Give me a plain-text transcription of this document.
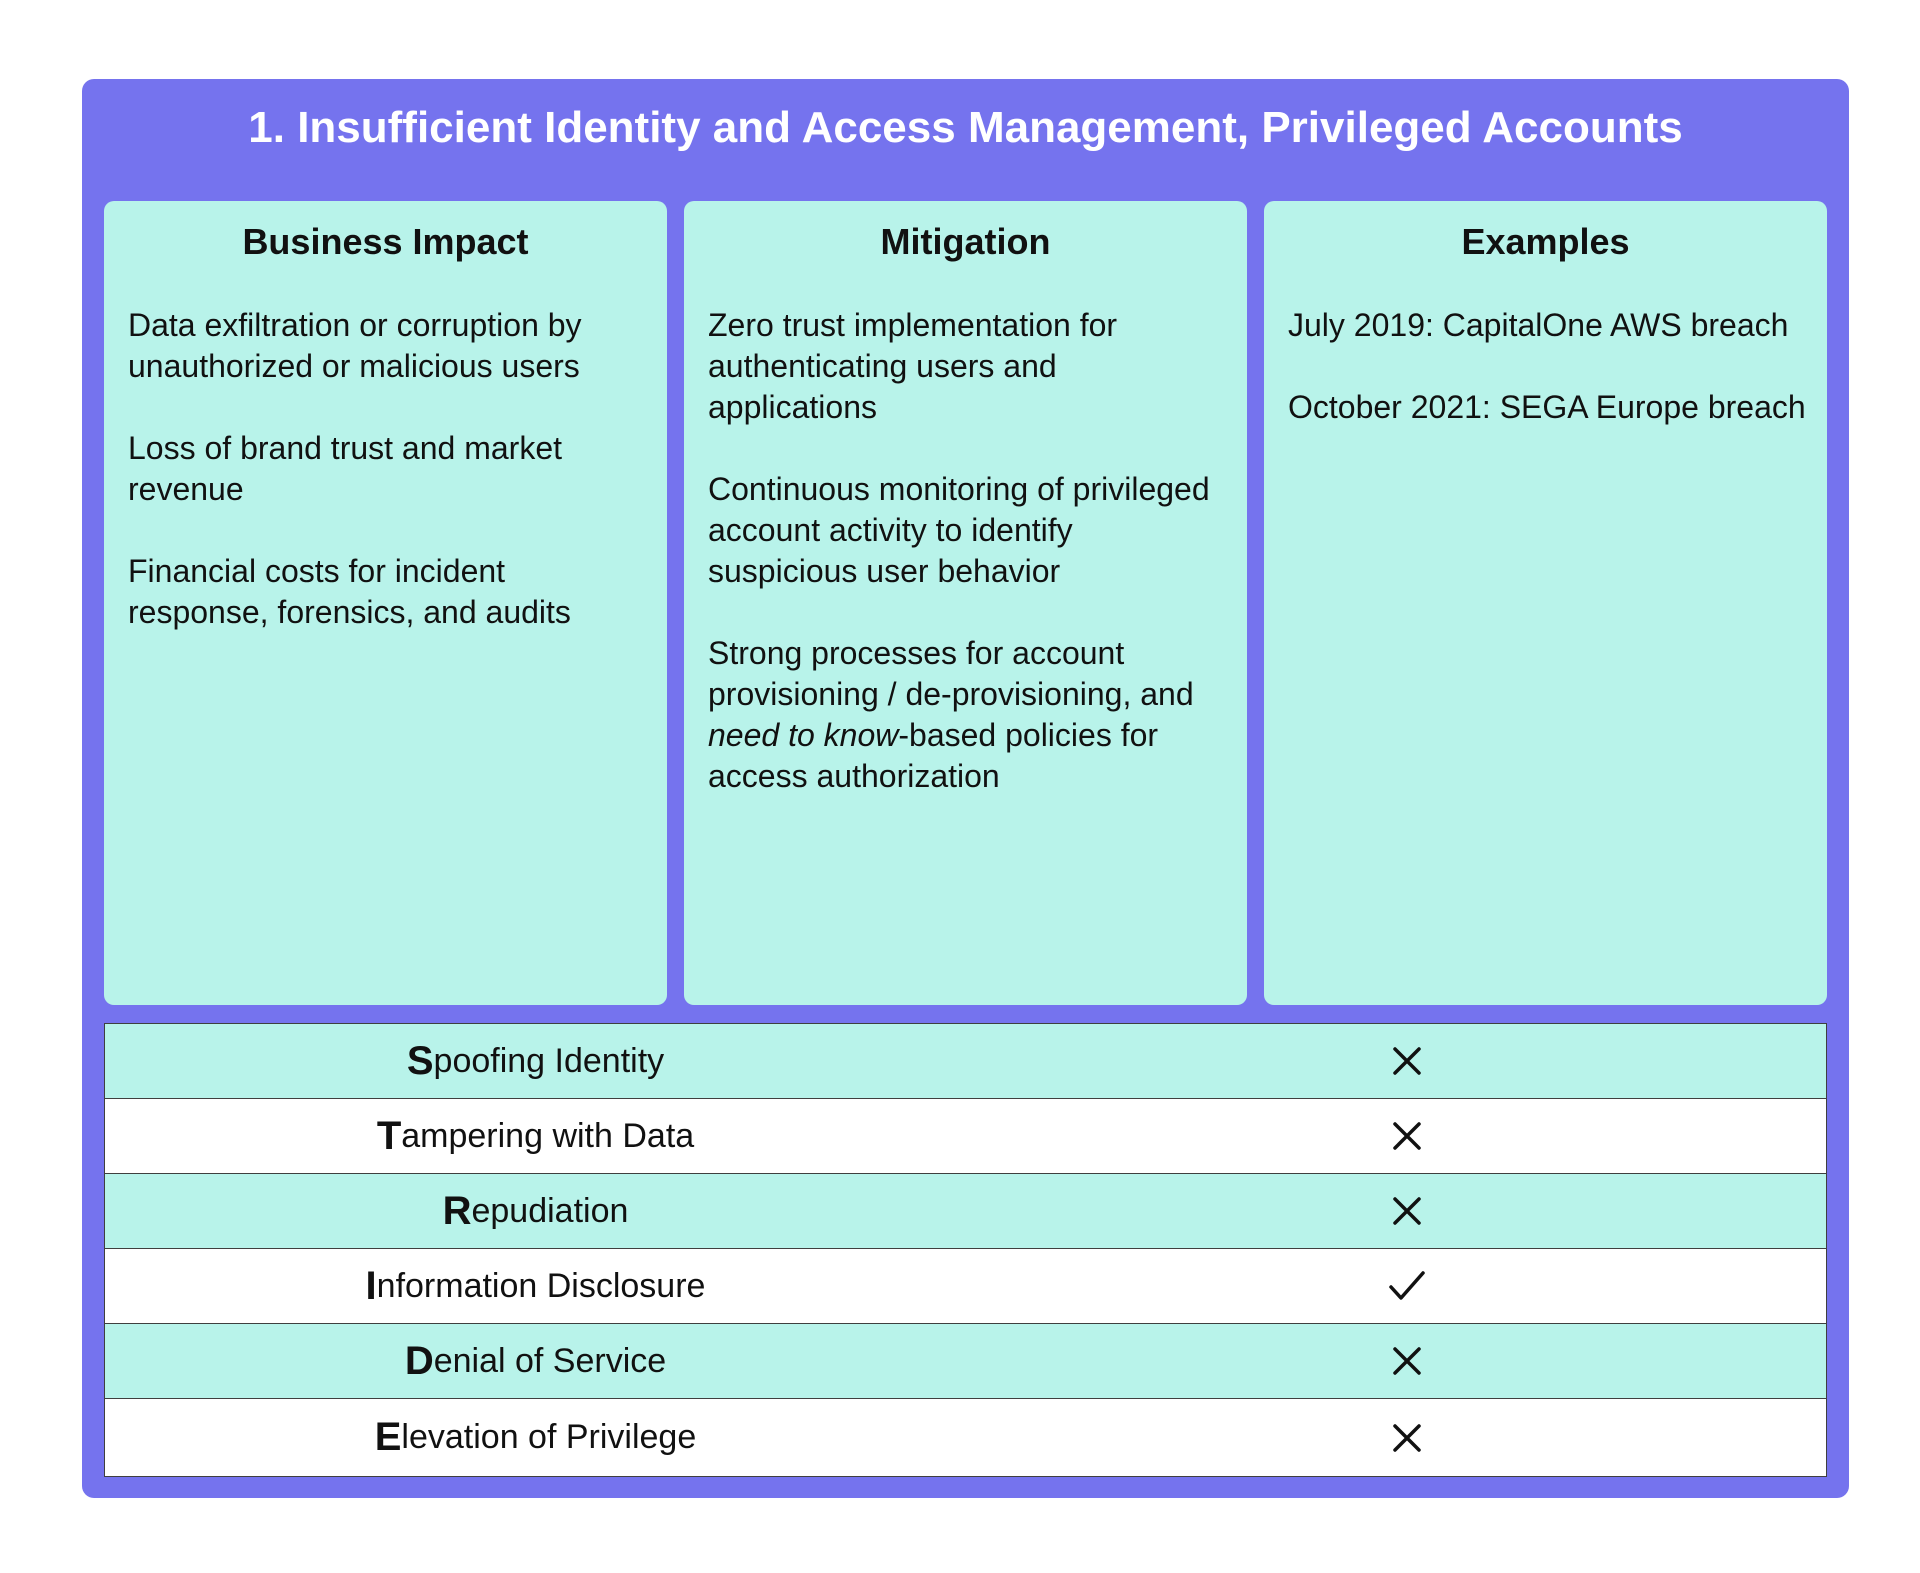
1. Insufficient Identity and Access Management, Privileged Accounts
Business Impact

Data exfiltration or corruption by unauthorized or malicious users

Loss of brand trust and market revenue

Financial costs for incident response, forensics, and audits

Mitigation

Zero trust implementation for authenticating users and applications

Continuous monitoring of privileged account activity to identify suspicious user behavior

Strong processes for account provisioning / de-provisioning, and need to know-based policies for access authorization

Examples

July 2019: CapitalOne AWS breach

October 2021: SEGA Europe breach

S poofing Identity
T ampering with Data
R epudiation
I nformation Disclosure
D enial of Service
E levation of Privilege
